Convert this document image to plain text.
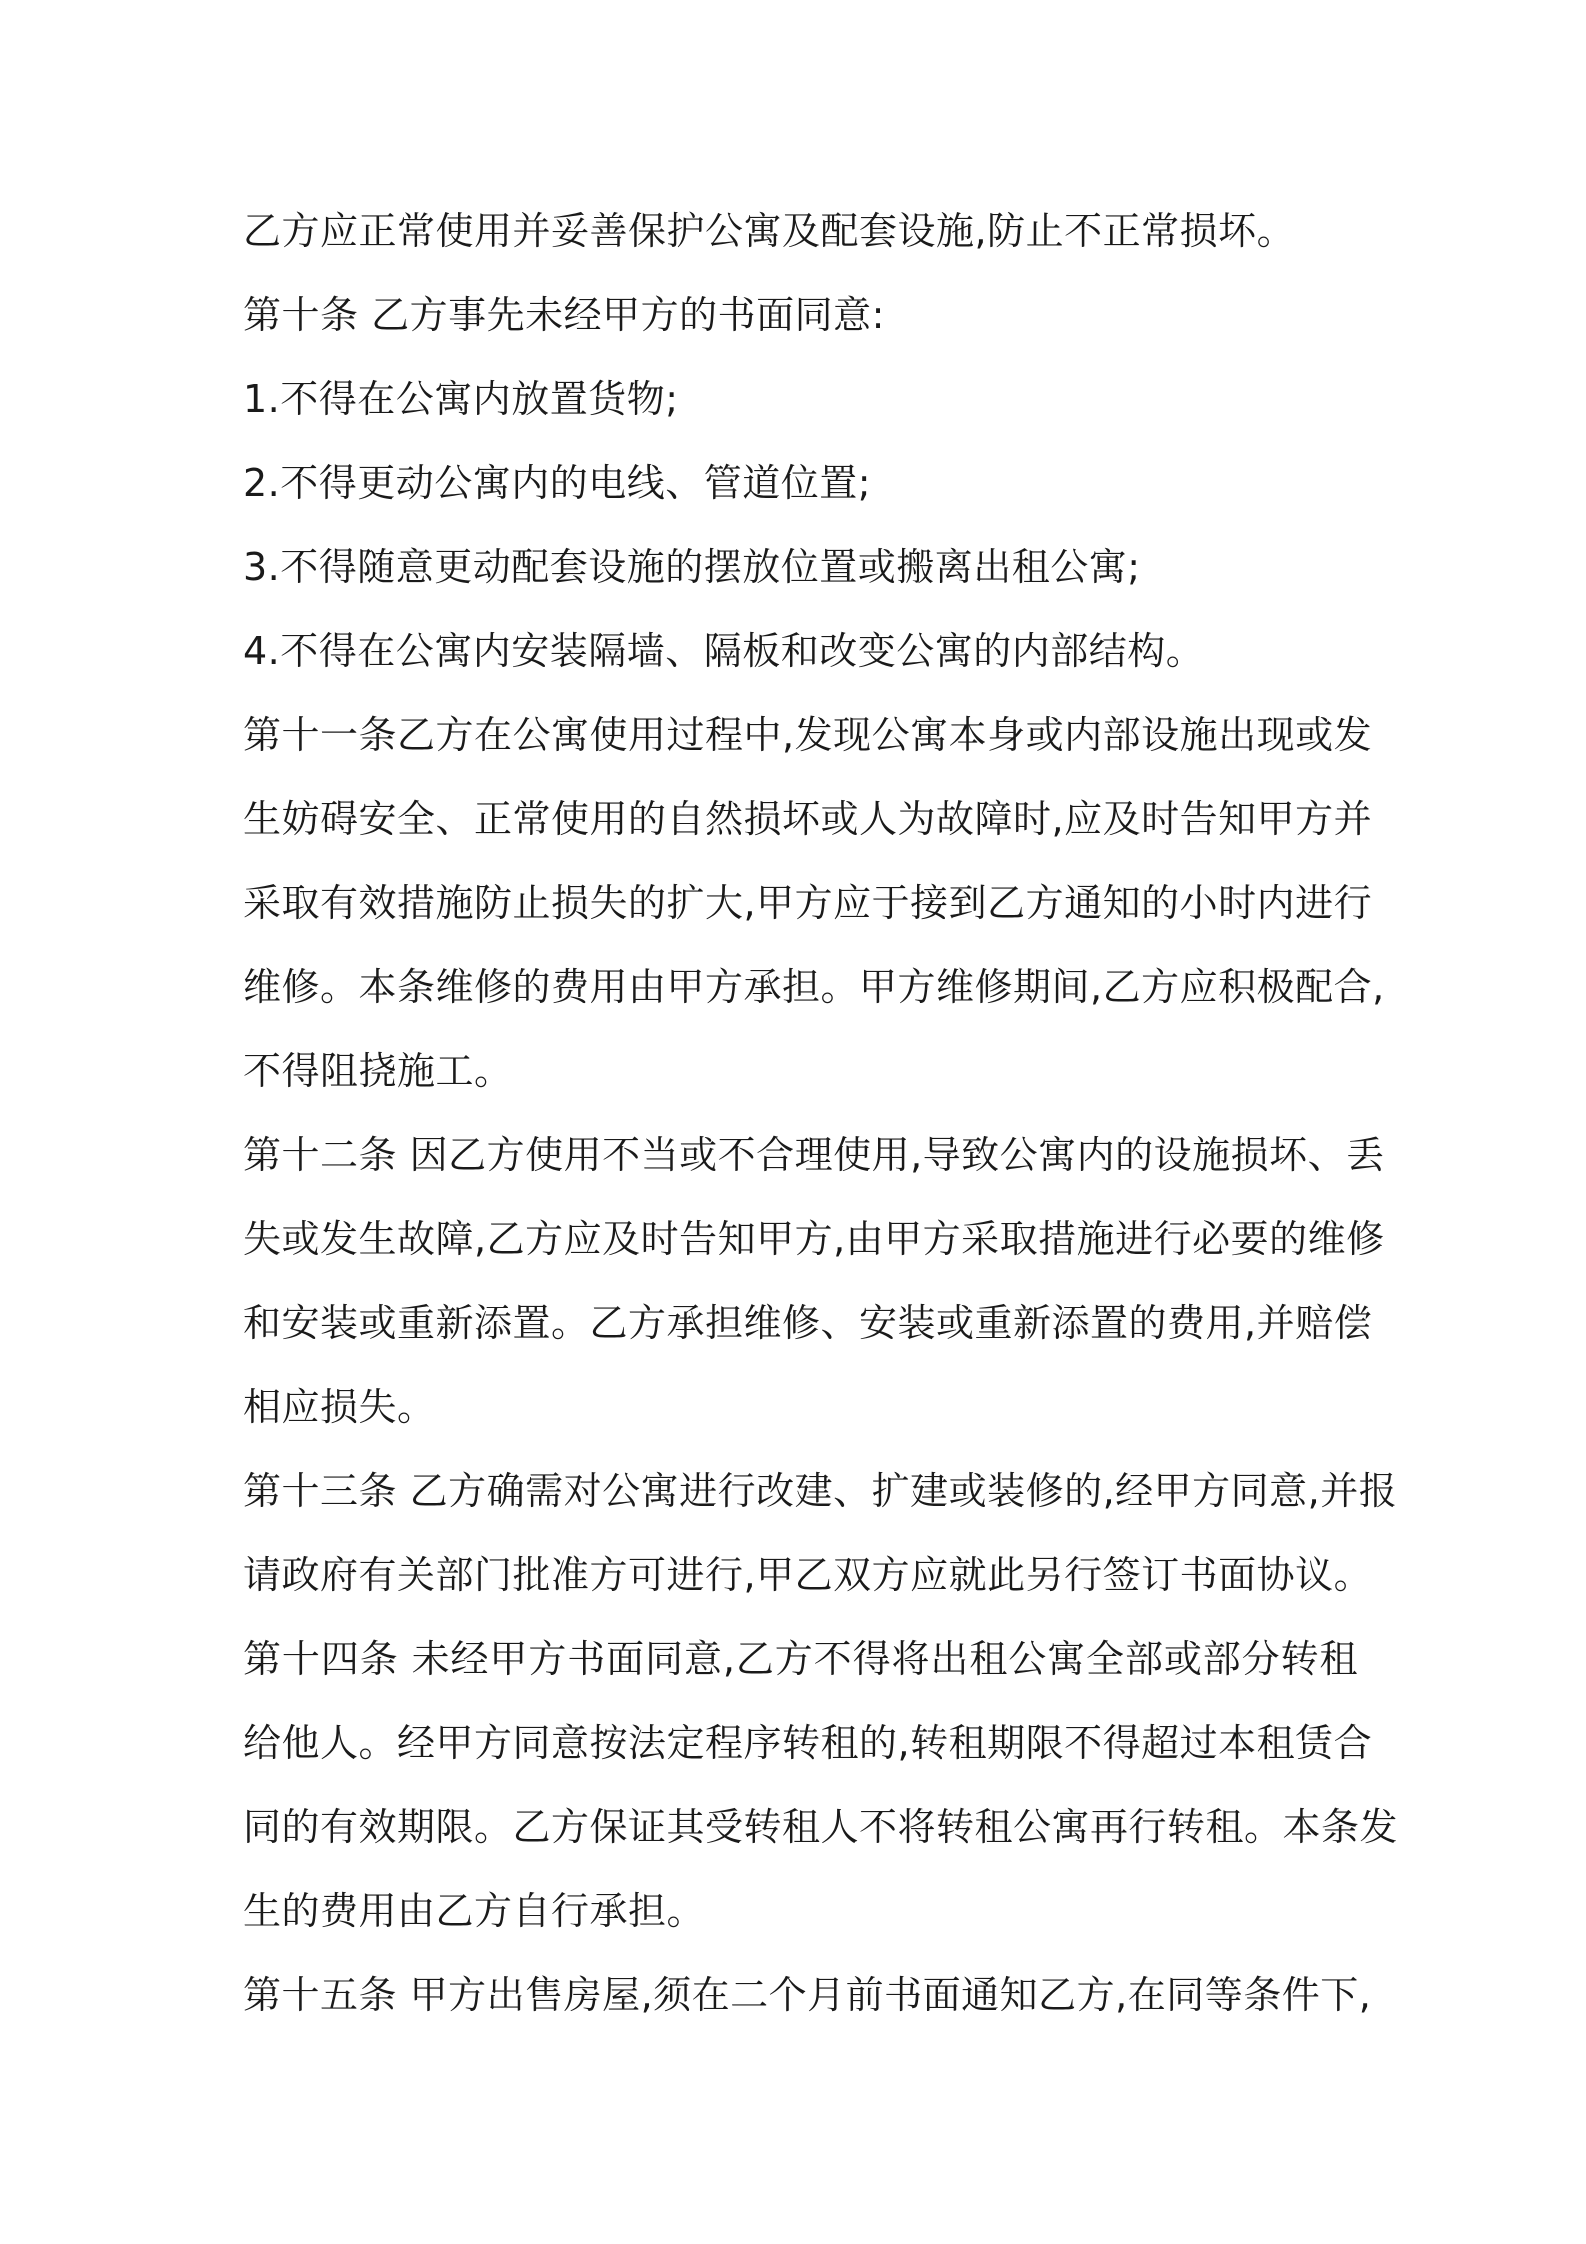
乙方应正常使用并妥善保护公寓及配套设施,防止不正常损坏。
第十条 乙方事先未经甲方的书面同意:
1.不得在公寓内放置货物;
2.不得更动公寓内的电线、管道位置;
3.不得随意更动配套设施的摆放位置或搬离出租公寓;
4.不得在公寓内安装隔墙、隔板和改变公寓的内部结构。
第十一条乙方在公寓使用过程中,发现公寓本身或内部设施出现或发
生妨碍安全、正常使用的自然损坏或人为故障时,应及时告知甲方并
采取有效措施防止损失的扩大,甲方应于接到乙方通知的小时内进行
维修。本条维修的费用由甲方承担。甲方维修期间,乙方应积极配合,
不得阻挠施工。
第十二条 因乙方使用不当或不合理使用,导致公寓内的设施损坏、丢
失或发生故障,乙方应及时告知甲方,由甲方采取措施进行必要的维修
和安装或重新添置。乙方承担维修、安装或重新添置的费用,并赔偿
相应损失。
第十三条 乙方确需对公寓进行改建、扩建或装修的,经甲方同意,并报
请政府有关部门批准方可进行,甲乙双方应就此另行签订书面协议。
第十四条 未经甲方书面同意,乙方不得将出租公寓全部或部分转租
给他人。经甲方同意按法定程序转租的,转租期限不得超过本租赁合
同的有效期限。乙方保证其受转租人不将转租公寓再行转租。本条发
生的费用由乙方自行承担。
第十五条 甲方出售房屋,须在二个月前书面通知乙方,在同等条件下,
